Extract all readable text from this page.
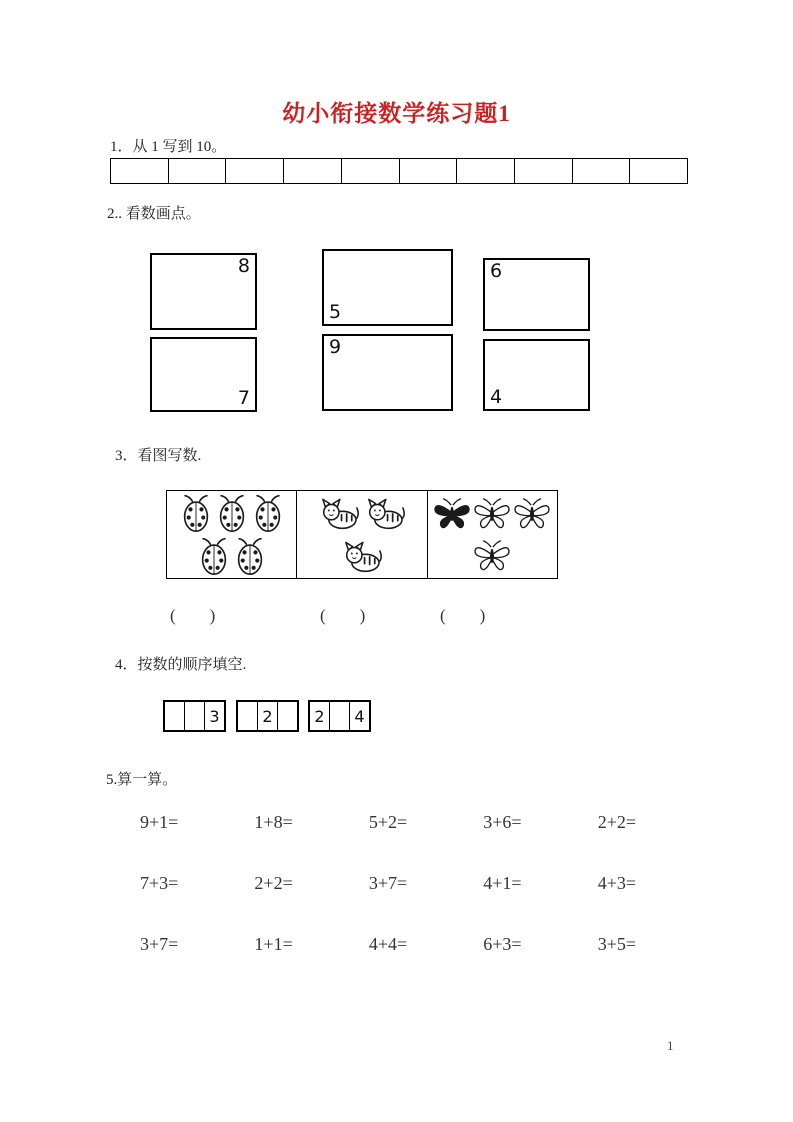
幼小衔接数学练习题1
1．从 1 写到 10。
2.. 看数画点。
8
5
6
7
9
4
3．看图写数.
(　　)	(　　)	(　　)
4．按数的顺序填空.
3	2	2	4
5.算一算。
9+1=	1+8=	5+2=	3+6=	2+2=
7+3=	2+2=	3+7=	4+1=	4+3=
3+7=	1+1=	4+4=	6+3=	3+5=
1
